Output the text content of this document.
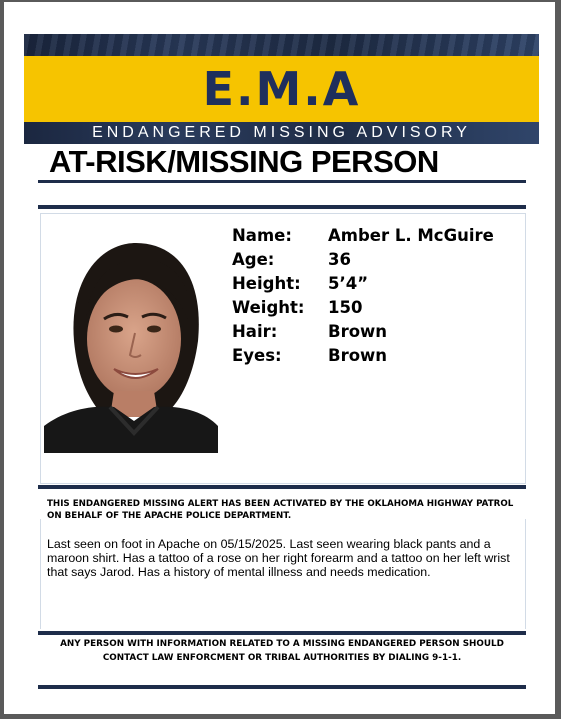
E.M.A
ENDANGERED MISSING ADVISORY
AT-RISK/MISSING PERSON
Name:	Amber L. McGuire
Age:	36
Height:	5’4”
Weight:	150
Hair:	Brown
Eyes:	Brown
THIS ENDANGERED MISSING ALERT HAS BEEN ACTIVATED BY THE OKLAHOMA HIGHWAY PATROL ON BEHALF OF THE APACHE POLICE DEPARTMENT.
Last seen on foot in Apache on 05/15/2025. Last seen wearing black pants and a maroon shirt. Has a tattoo of a rose on her right forearm and a tattoo on her left wrist that says Jarod. Has a history of mental illness and needs medication.
ANY PERSON WITH INFORMATION RELATED TO A MISSING ENDANGERED PERSON SHOULD CONTACT LAW ENFORCMENT OR TRIBAL AUTHORITIES BY DIALING 9-1-1.
